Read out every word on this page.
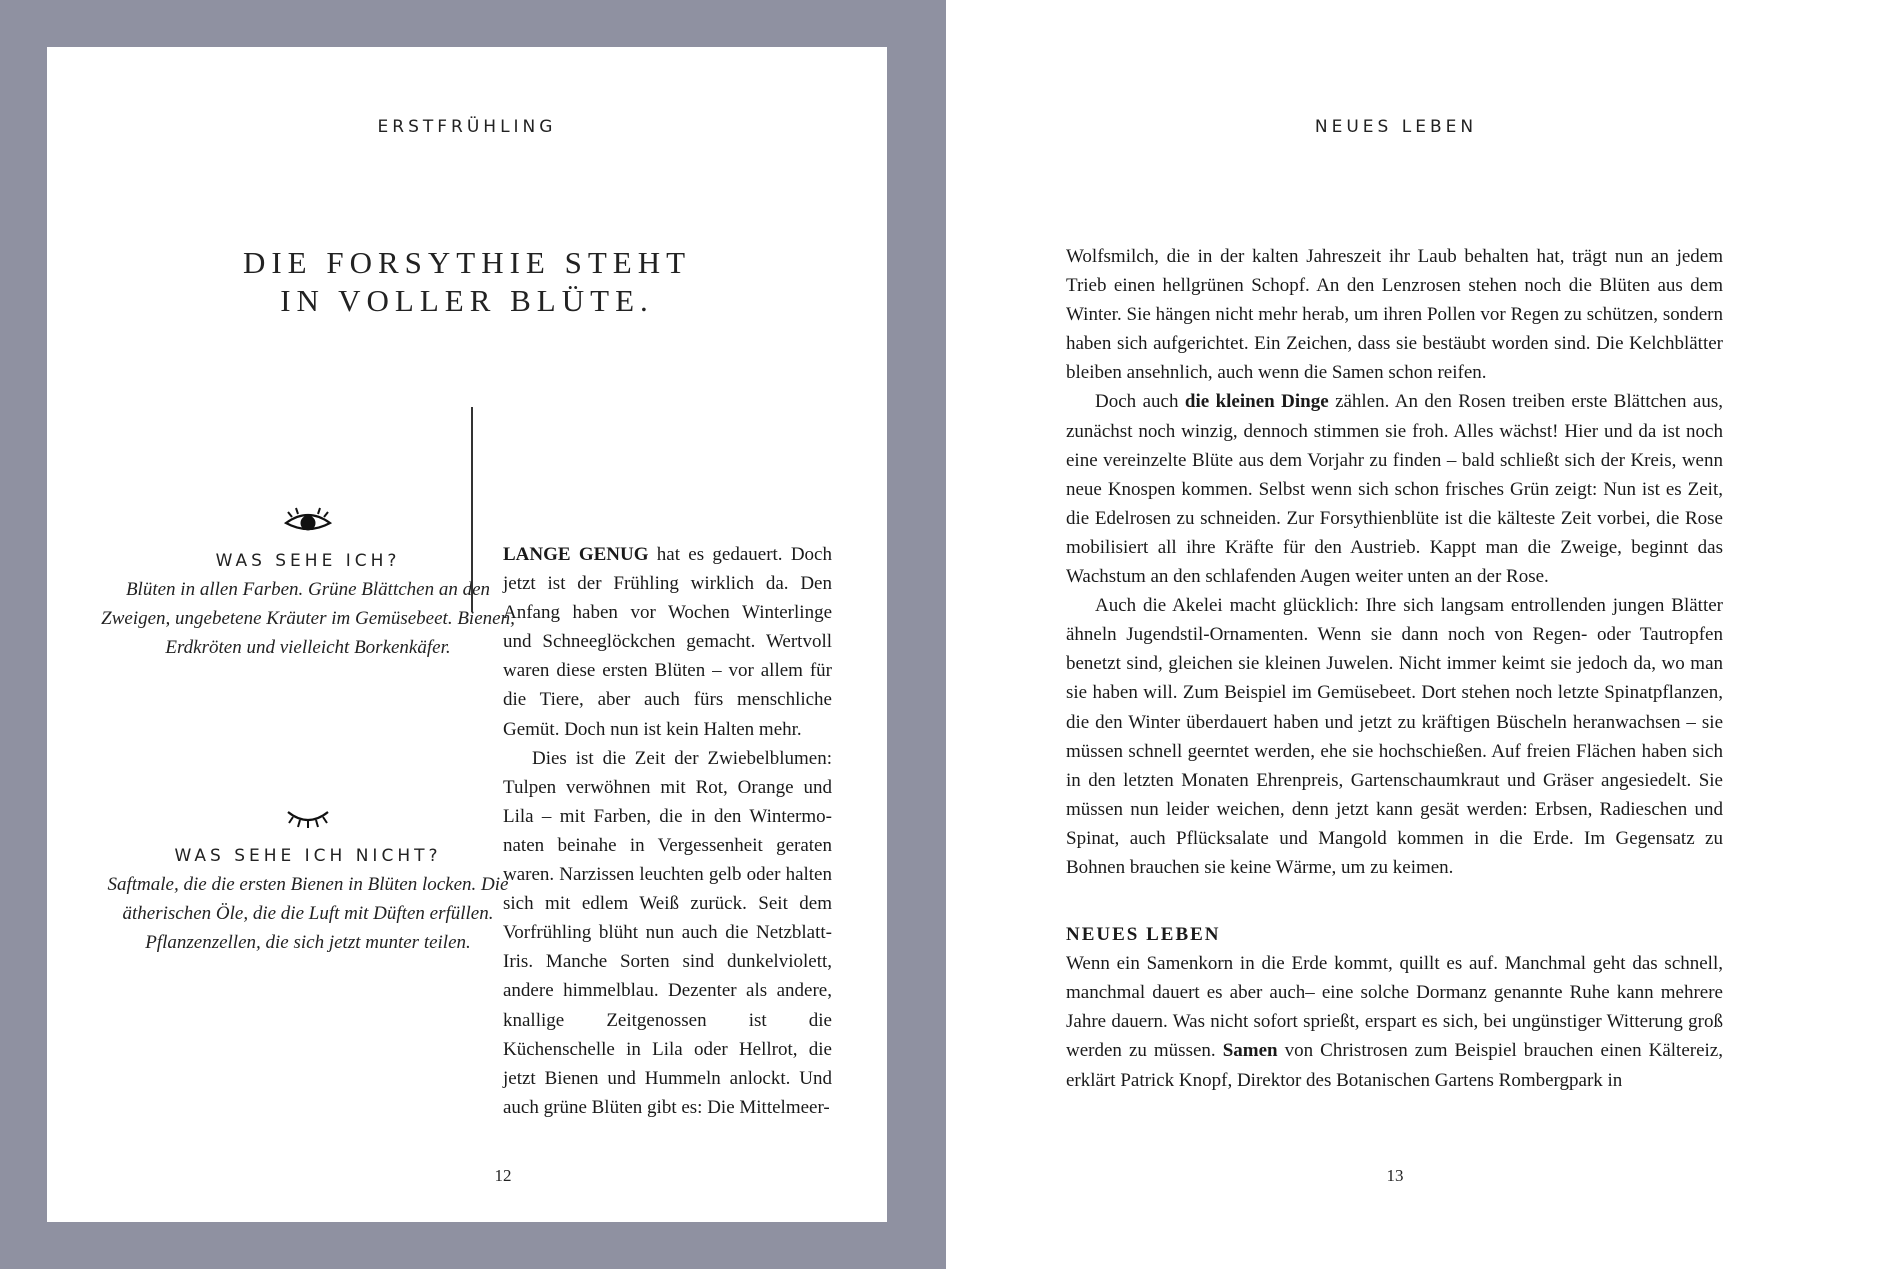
ERSTFRÜHLING
DIE FORSYTHIE STEHT
IN VOLLER BLÜTE.
WAS SEHE ICH?

Blüten in allen Farben. Grüne Blättchen an den Zweigen, ungebetene Kräuter im Gemüsebeet. Bienen, Erdkröten und vielleicht Borkenkäfer.

WAS SEHE ICH NICHT?

Saftmale, die die ersten Bienen in Blüten locken. Die ätherischen Öle, die die Luft mit Düften erfüllen. Pflanzenzellen, die sich jetzt munter teilen.

LANGE GENUG hat es gedauert. Doch jetzt ist der Frühling wirklich da. Den Anfang haben vor Wochen Winterlinge und Schneeglöckchen gemacht. Wertvoll waren diese ersten Blüten – vor allem für die Tiere, aber auch fürs menschliche Gemüt. Doch nun ist kein Halten mehr.

Dies ist die Zeit der Zwiebelblumen: Tulpen verwöhnen mit Rot, Orange und Lila – mit Farben, die in den Wintermonaten beinahe in Vergessenheit geraten waren. Narzissen leuchten gelb oder halten sich mit edlem Weiß zurück. Seit dem Vorfrühling blüht nun auch die Netzblatt-Iris. Manche Sorten sind dunkelviolett, andere himmelblau. Dezenter als andere, knallige Zeitgenossen ist die Küchenschelle in Lila oder Hellrot, die jetzt Bienen und Hummeln anlockt. Und auch grüne Blüten gibt es: Die Mittelmeer-

12
NEUES LEBEN

Wolfsmilch, die in der kalten Jahreszeit ihr Laub behalten hat, trägt nun an jedem Trieb einen hellgrünen Schopf. An den Lenzrosen stehen noch die Blüten aus dem Winter. Sie hängen nicht mehr herab, um ihren Pollen vor Regen zu schützen, sondern haben sich aufgerichtet. Ein Zeichen, dass sie bestäubt worden sind. Die Kelchblätter bleiben ansehnlich, auch wenn die Samen schon reifen.

Doch auch die kleinen Dinge zählen. An den Rosen treiben erste Blättchen aus, zunächst noch winzig, dennoch stimmen sie froh. Alles wächst! Hier und da ist noch eine vereinzelte Blüte aus dem Vorjahr zu finden – bald schließt sich der Kreis, wenn neue Knospen kommen. Selbst wenn sich schon frisches Grün zeigt: Nun ist es Zeit, die Edelrosen zu schneiden. Zur Forsythienblüte ist die kälteste Zeit vorbei, die Rose mobilisiert all ihre Kräfte für den Austrieb. Kappt man die Zweige, beginnt das Wachstum an den schlafenden Augen weiter unten an der Rose.

Auch die Akelei macht glücklich: Ihre sich langsam entrollenden jungen Blätter ähneln Jugendstil-Ornamenten. Wenn sie dann noch von Regen- oder Tautropfen benetzt sind, gleichen sie kleinen Juwelen. Nicht immer keimt sie jedoch da, wo man sie haben will. Zum Beispiel im Gemüsebeet. Dort stehen noch letzte Spinatpflanzen, die den Winter überdauert haben und jetzt zu kräftigen Büscheln heranwachsen – sie müssen schnell geerntet werden, ehe sie hochschießen. Auf freien Flächen haben sich in den letzten Monaten Ehrenpreis, Gartenschaumkraut und Gräser angesiedelt. Sie müssen nun leider weichen, denn jetzt kann gesät werden: Erbsen, Radieschen und Spinat, auch Pflücksalate und Mangold kommen in die Erde. Im Gegensatz zu Bohnen brauchen sie keine Wärme, um zu keimen.

NEUES LEBEN

Wenn ein Samenkorn in die Erde kommt, quillt es auf. Manchmal geht das schnell, manchmal dauert es aber auch– eine solche Dormanz genannte Ruhe kann mehrere Jahre dauern. Was nicht sofort sprießt, erspart es sich, bei ungünstiger Witterung groß werden zu müssen. Samen von Christrosen zum Beispiel brauchen einen Kältereiz, erklärt Patrick Knopf, Direktor des Botanischen Gartens Rombergpark in

13
